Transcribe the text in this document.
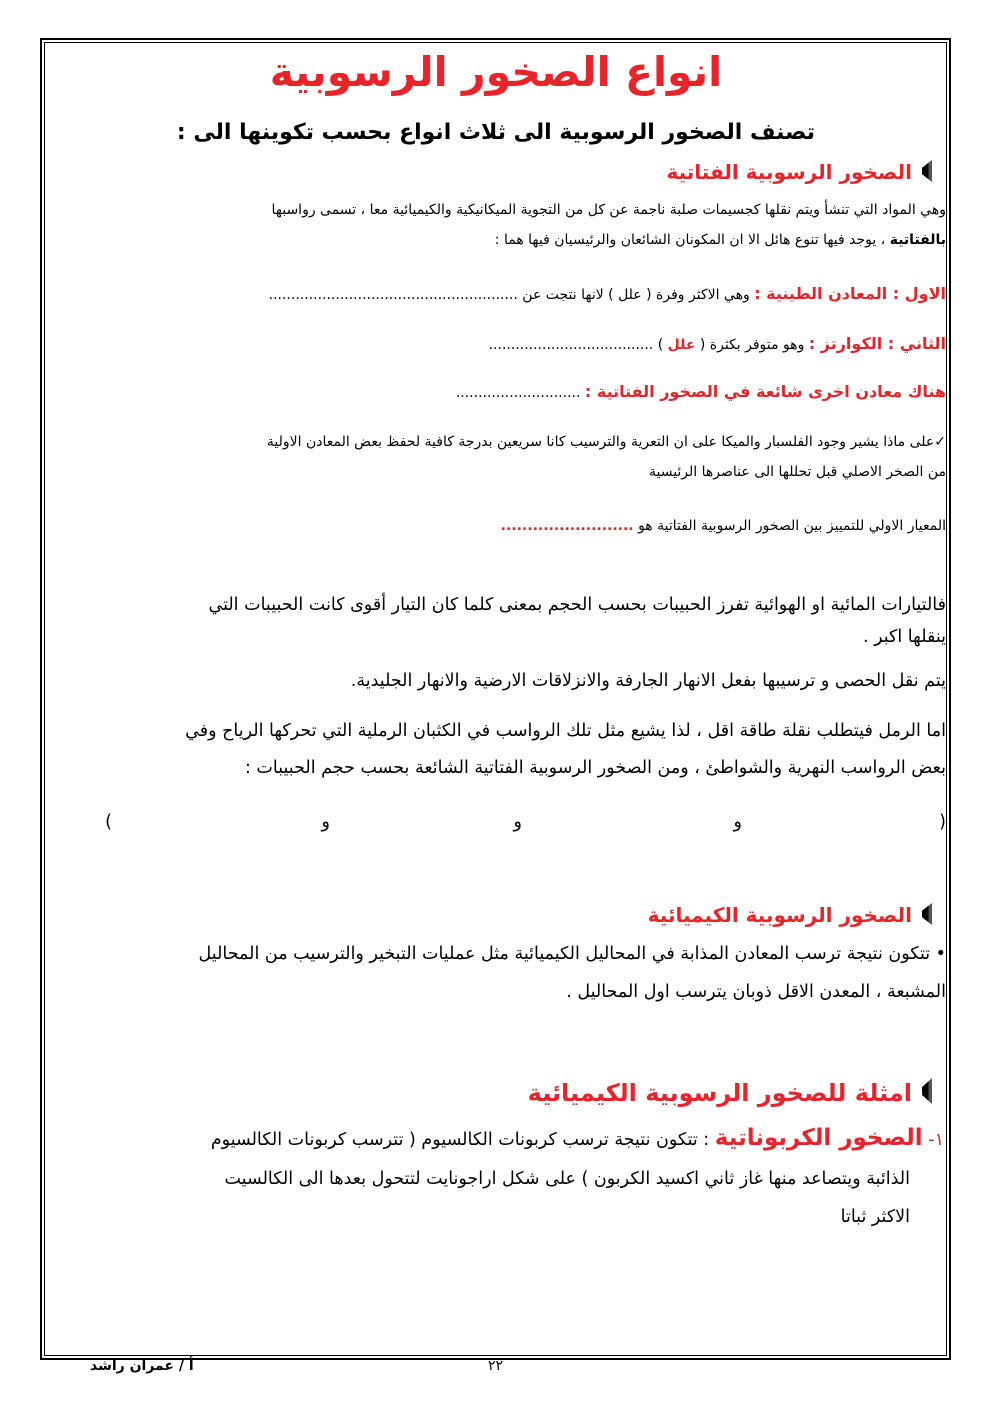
انواع الصخور الرسوبية
تصنف الصخور الرسوبية الى ثلاث انواع بحسب تكوينها الى :
الصخور الرسوبية الفتاتية
وهي المواد التي تنشأ ويتم نقلها كجسيمات صلبة ناجمة عن كل من التجوية الميكانيكية والكيميائية معا ، تسمى رواسبها
بالفتاتية ، يوجد فيها تنوع هائل الا ان المكونان الشائعان والرئيسيان فيها هما :
الاول : المعادن الطينية : وهي الاكثر وفرة ( علل ) لانها نتجت عن ........................................................
الثاني : الكوارتز : وهو متوفر بكثرة ( علل ) .....................................
هناك معادن اخرى شائعة في الصخور الفتاتية : ............................
✓على ماذا يشير وجود الفلسبار والميكا على ان التعرية والترسيب كانا سريعين بدرجة كافية لحفظ بعض المعادن الاولية
من الصخر الاصلي قبل تحللها الى عناصرها الرئيسية
المعيار الاولي للتمييز بين الصخور الرسوبية الفتاتية هو .........................
فالتيارات المائية او الهوائية تفرز الحبيبات بحسب الحجم بمعنى كلما كان التيار أقوى كانت الحبيبات التي
ينقلها اكبر .
يتم نقل الحصى و ترسيبها بفعل الانهار الجارفة والانزلاقات الارضية والانهار الجليدية.
اما الرمل فيتطلب نقلة طاقة اقل ، لذا يشيع مثل تلك الرواسب في الكثبان الرملية التي تحركها الرياح وفي
بعض الرواسب النهرية والشواطئ ، ومن الصخور الرسوبية الفتاتية الشائعة بحسب حجم الحبيبات :
(
و
و
و
)
الصخور الرسوبية الكيميائية
• تتكون نتيجة ترسب المعادن المذابة في المحاليل الكيميائية مثل عمليات التبخير والترسيب من المحاليل
المشبعة ، المعدن الاقل ذوبان يترسب اول المحاليل .
امثلة للصخور الرسوبية الكيميائية
١- الصخور الكربوناتية : تتكون نتيجة ترسب كربونات الكالسيوم ( تترسب كربونات الكالسيوم
الذائبة ويتصاعد منها غاز ثاني اكسيد الكربون ) على شكل اراجونايت لتتحول بعدها الى الكالسيت
الاكثر ثباتا
أ / عمران راشد	٢٢
